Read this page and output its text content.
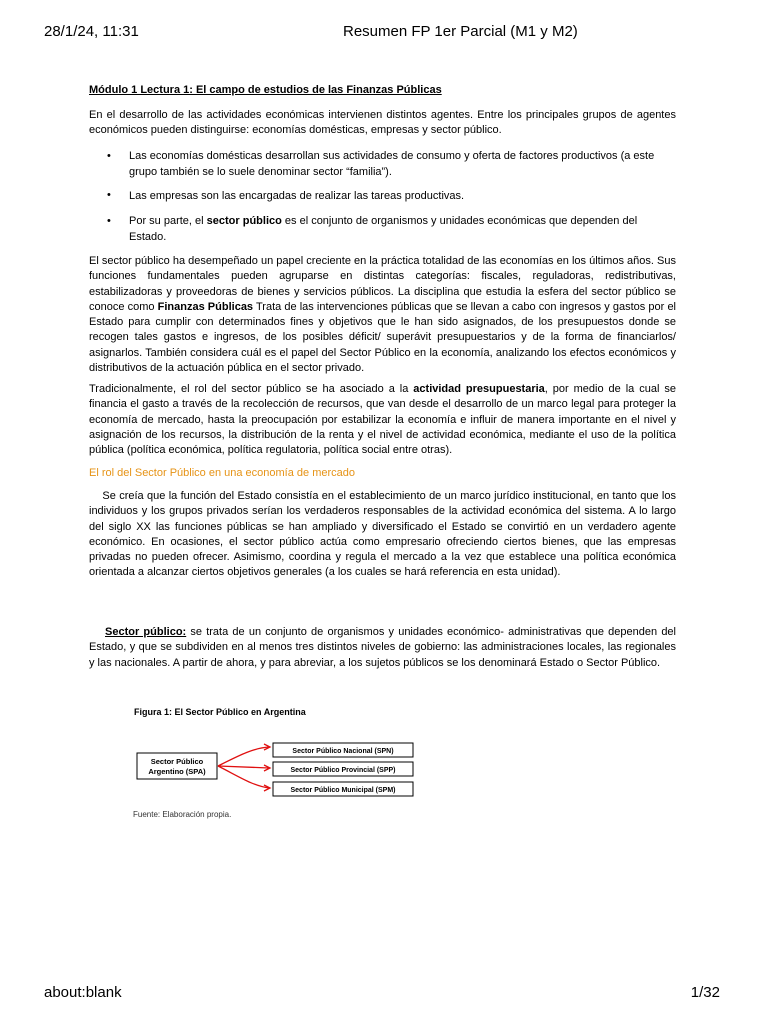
28/1/24, 11:31	Resumen FP 1er Parcial (M1 y M2)
Módulo 1 Lectura 1: El campo de estudios de las Finanzas Públicas
En el desarrollo de las actividades económicas intervienen distintos agentes. Entre los principales grupos de agentes económicos pueden distinguirse: economías domésticas, empresas y sector público.
• Las economías domésticas desarrollan sus actividades de consumo y oferta de factores productivos (a este grupo también se lo suele denominar sector “familia”).
• Las empresas son las encargadas de realizar las tareas productivas.
• Por su parte, el sector público es el conjunto de organismos y unidades económicas que dependen del Estado.
El sector público ha desempeñado un papel creciente en la práctica totalidad de las economías en los últimos años. Sus funciones fundamentales pueden agruparse en distintas categorías: fiscales, reguladoras, redistributivas, estabilizadoras y proveedoras de bienes y servicios públicos. La disciplina que estudia la esfera del sector público se conoce como Finanzas Públicas Trata de las intervenciones públicas que se llevan a cabo con ingresos y gastos por el Estado para cumplir con determinados fines y objetivos que le han sido asignados, de los presupuestos donde se recogen tales gastos e ingresos, de los posibles déficit/ superávit presupuestarios y de la forma de financiarlos/ asignarlos. También considera cuál es el papel del Sector Público en la economía, analizando los efectos económicos y distributivos de la actuación pública en el sector privado.
Tradicionalmente, el rol del sector público se ha asociado a la actividad presupuestaria, por medio de la cual se financia el gasto a través de la recolección de recursos, que van desde el desarrollo de un marco legal para proteger la economía de mercado, hasta la preocupación por estabilizar la economía e influir de manera importante en el nivel y asignación de los recursos, la distribución de la renta y el nivel de actividad económica, mediante el uso de la política pública (política económica, política regulatoria, política social entre otras).
El rol del Sector Público en una economía de mercado
Se creía que la función del Estado consistía en el establecimiento de un marco jurídico institucional, en tanto que los individuos y los grupos privados serían los verdaderos responsables de la actividad económica del sistema. A lo largo del siglo XX las funciones públicas se han ampliado y diversificado el Estado se convirtió en un verdadero agente económico. En ocasiones, el sector público actúa como empresario ofreciendo ciertos bienes, que las empresas privadas no pueden ofrecer. Asimismo, coordina y regula el mercado a la vez que establece una política económica orientada a alcanzar ciertos objetivos generales (a los cuales se hará referencia en esta unidad).
Sector público: se trata de un conjunto de organismos y unidades económico- administrativas que dependen del Estado, y que se subdividen en al menos tres distintos niveles de gobierno: las administraciones locales, las regionales y las nacionales. A partir de ahora, y para abreviar, a los sujetos públicos se los denominará Estado o Sector Público.
Figura 1: El Sector Público en Argentina
Sector Público
Argentino (SPA)
Sector Público Nacional (SPN)
Sector Público Provincial (SPP)
Sector Público Municipal (SPM)
Fuente: Elaboración propia.
about:blank	1/32
